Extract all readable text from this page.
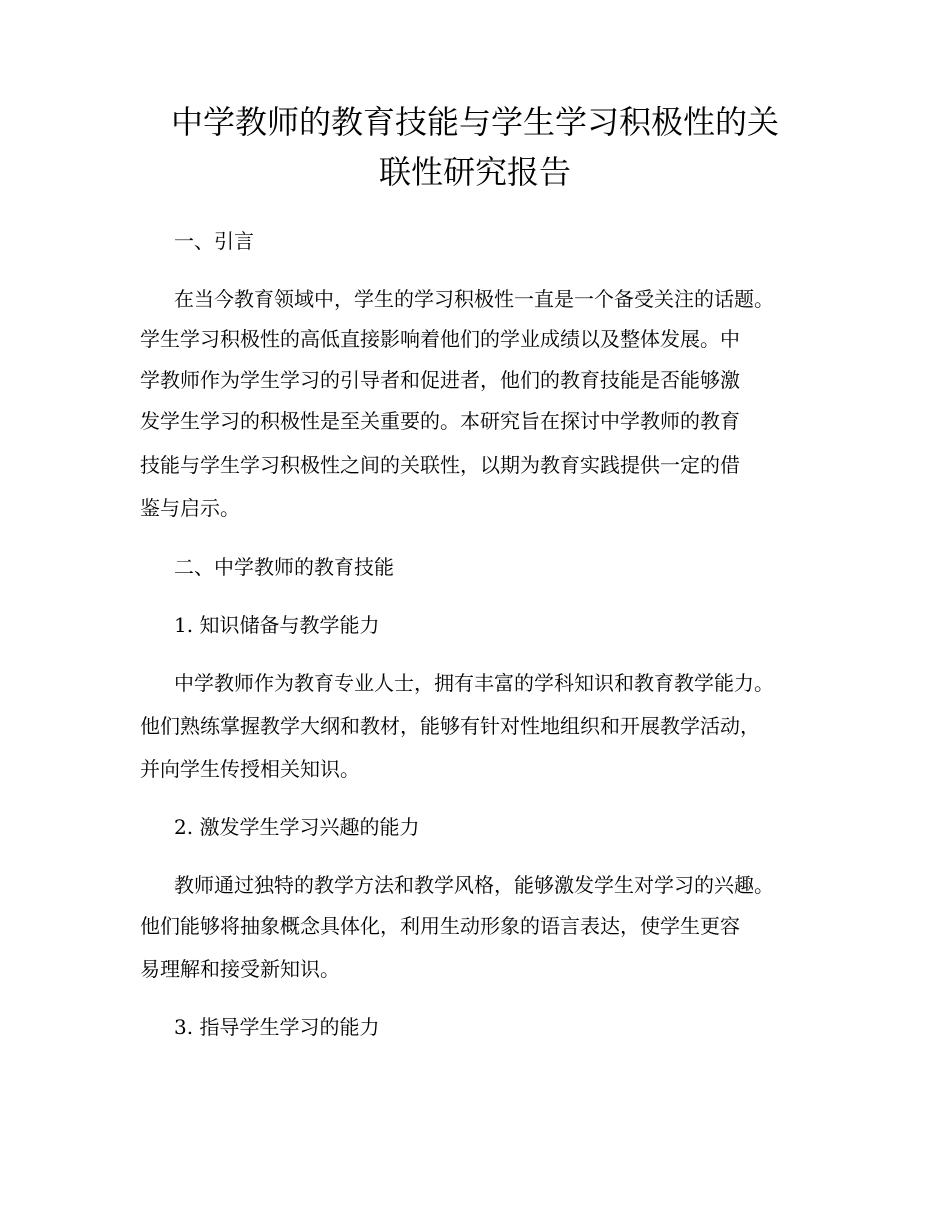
中学教师的教育技能与学生学习积极性的关
联性研究报告

一、引言

在当今教育领域中，学生的学习积极性一直是一个备受关注的话题。

学生学习积极性的高低直接影响着他们的学业成绩以及整体发展。中

学教师作为学生学习的引导者和促进者，他们的教育技能是否能够激

发学生学习的积极性是至关重要的。本研究旨在探讨中学教师的教育

技能与学生学习积极性之间的关联性，以期为教育实践提供一定的借

鉴与启示。

二、中学教师的教育技能

1. 知识储备与教学能力

中学教师作为教育专业人士，拥有丰富的学科知识和教育教学能力。

他们熟练掌握教学大纲和教材，能够有针对性地组织和开展教学活动，

并向学生传授相关知识。

2. 激发学生学习兴趣的能力

教师通过独特的教学方法和教学风格，能够激发学生对学习的兴趣。

他们能够将抽象概念具体化，利用生动形象的语言表达，使学生更容

易理解和接受新知识。

3. 指导学生学习的能力
